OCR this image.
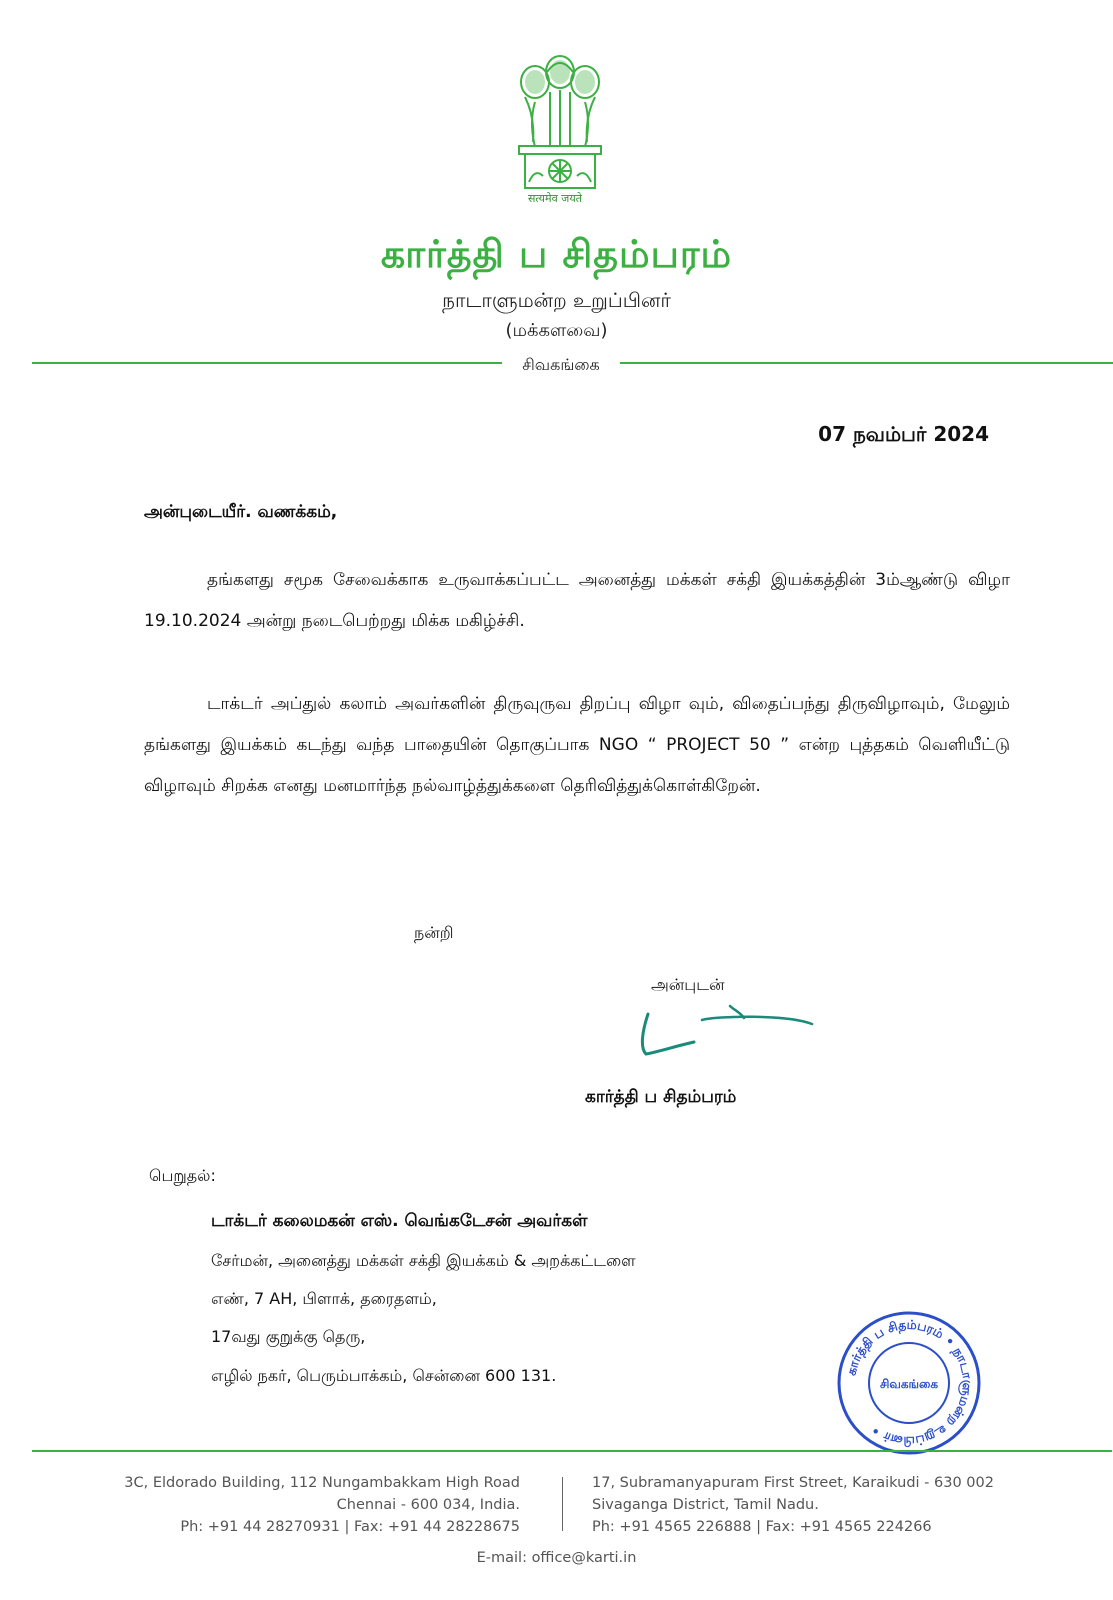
सत्यमेव जयते
கார்த்தி ப சிதம்பரம்
நாடாளுமன்ற உறுப்பினர்
(மக்களவை)
சிவகங்கை
07 நவம்பர் 2024
அன்புடையீர். வணக்கம்,
தங்களது சமூக சேவைக்காக உருவாக்கப்பட்ட அனைத்து மக்கள் சக்தி இயக்கத்தின் 3ம்ஆண்டு விழா 19.10.2024 அன்று நடைபெற்றது மிக்க மகிழ்ச்சி.
டாக்டர் அப்துல் கலாம் அவர்களின் திருவுருவ திறப்பு விழா வும், விதைப்பந்து திருவிழாவும், மேலும் தங்களது இயக்கம் கடந்து வந்த பாதையின் தொகுப்பாக NGO “ PROJECT 50 ” என்ற புத்தகம் வெளியீட்டு விழாவும் சிறக்க எனது மனமார்ந்த நல்வாழ்த்துக்களை தெரிவித்துக்கொள்கிறேன்.
நன்றி
அன்புடன்
கார்த்தி ப சிதம்பரம்
பெறுதல்:
டாக்டர் கலைமகன் எஸ். வெங்கடேசன் அவர்கள்
சேர்மன், அனைத்து மக்கள் சக்தி இயக்கம் & அறக்கட்டளை
எண், 7 AH, பிளாக், தரைதளம்,
17வது குறுக்கு தெரு,
எழில் நகர், பெரும்பாக்கம், சென்னை 600 131.	கார்த்தி ப சிதம்பரம் • நாடாளுமன்ற உறுப்பினர் •
சிவகங்கை
3C, Eldorado Building, 112 Nungambakkam High Road
Chennai - 600 034, India.
Ph: +91 44 28270931 | Fax: +91 44 28228675
17, Subramanyapuram First Street, Karaikudi - 630 002
Sivaganga District, Tamil Nadu.
Ph: +91 4565 226888 | Fax: +91 4565 224266
E-mail: office@karti.in
